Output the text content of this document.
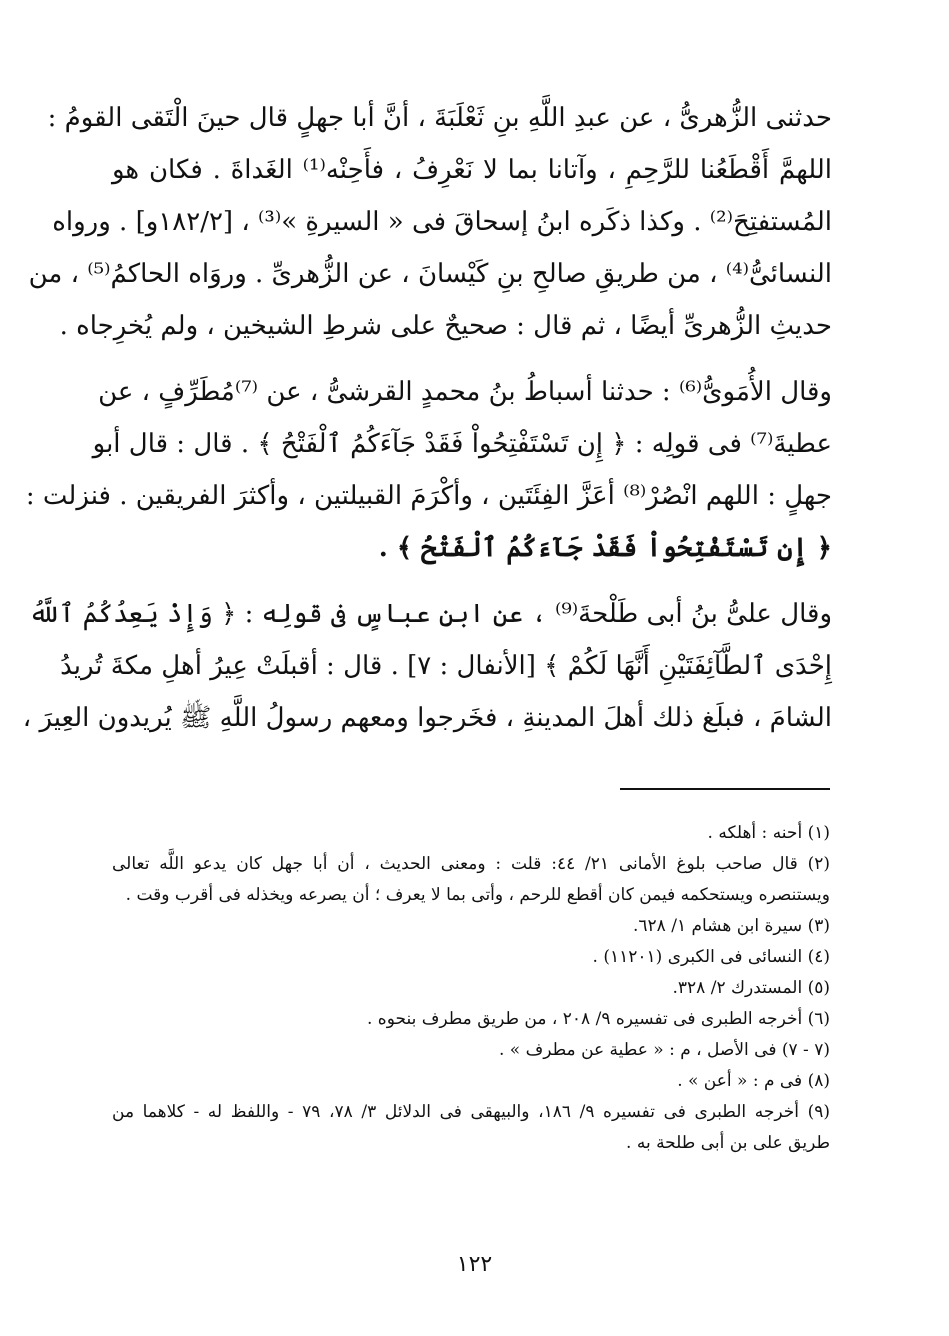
حدثنى الزُّهرىُّ ، عن عبدِ اللَّهِ بنِ ثَعْلَبَةَ ، أنَّ أبا جهلٍ قال حينَ الْتَقى القومُ :
اللهمَّ أَقْطَعُنا للرَّحِمِ ، وآتانا بما لا نَعْرِفُ ، فأَحِنْه⁽¹⁾ الغَداةَ . فكان هو
المُستفتِحَ⁽²⁾ . وكذا ذكَره ابنُ إسحاقَ فى « السيرةِ »⁽³⁾ ، [١٨٢/٢و] . ورواه
النسائىُّ⁽⁴⁾ ، من طريقِ صالحِ بنِ كَيْسانَ ، عن الزُّهرىِّ . وروَاه الحاكمُ⁽⁵⁾ ، من
حديثِ الزُّهرىِّ أيضًا ، ثم قال : صحيحٌ على شرطِ الشيخين ، ولم يُخرِجاه .
وقال الأُمَوىُّ⁽⁶⁾ : حدثنا أسباطُ بنُ محمدٍ القرشىُّ ، عن ⁽⁷⁾مُطَرِّفٍ ، عن
عطيةَ⁽⁷⁾ فى قولِه : ﴿ إِن تَسْتَفْتِحُواْ فَقَدْ جَآءَكُمُ ٱلْفَتْحُ ﴾ . قال : قال أبو
جهلٍ : اللهم انْصُرْ⁽⁸⁾ أعَزَّ الفِئَتَين ، وأكْرَمَ القبيلتين ، وأكثرَ الفريقين . فنزلت :
﴿ إِن تَسْتَفْتِحُواْ فَقَدْ جَآءَكُمُ ٱلْفَتْحُ ﴾ .
وقال علىُّ بنُ أبى طَلْحةَ⁽⁹⁾ ، عن ابنِ عباسٍ فى قولِه : ﴿ وَإِذْ يَعِدُكُمُ ٱللَّهُ
إِحْدَى ٱلطَّآئِفَتَيْنِ أَنَّهَا لَكُمْ ﴾ [الأنفال : ٧] . قال : أقبلَتْ عِيرُ أهلِ مكةَ تُريدُ
الشامَ ، فبلَغ ذلك أهلَ المدينةِ ، فخَرجوا ومعهم رسولُ اللَّهِ ﷺ يُريدون العِيرَ ،
(١) أحنه : أهلكه .
(٢) قال صاحب بلوغ الأمانى ٢١/ ٤٤: قلت : ومعنى الحديث ، أن أبا جهل كان يدعو اللَّه تعالى
ويستنصره ويستحكمه فيمن كان أقطع للرحم ، وأتى بما لا يعرف ؛ أن يصرعه ويخذله فى أقرب وقت .
(٣) سيرة ابن هشام ١/ ٦٢٨.
(٤) النسائى فى الكبرى (١١٢٠١) .
(٥) المستدرك ٢/ ٣٢٨.
(٦) أخرجه الطبرى فى تفسيره ٩/ ٢٠٨ ، من طريق مطرف بنحوه .
(٧ - ٧) فى الأصل ، م : « عطية عن مطرف » .
(٨) فى م : « أعن » .
(٩) أخرجه الطبرى فى تفسيره ٩/ ١٨٦، والبيهقى فى الدلائل ٣/ ٧٨، ٧٩ - واللفظ له - كلاهما من
طريق على بن أبى طلحة به .
١٢٢
